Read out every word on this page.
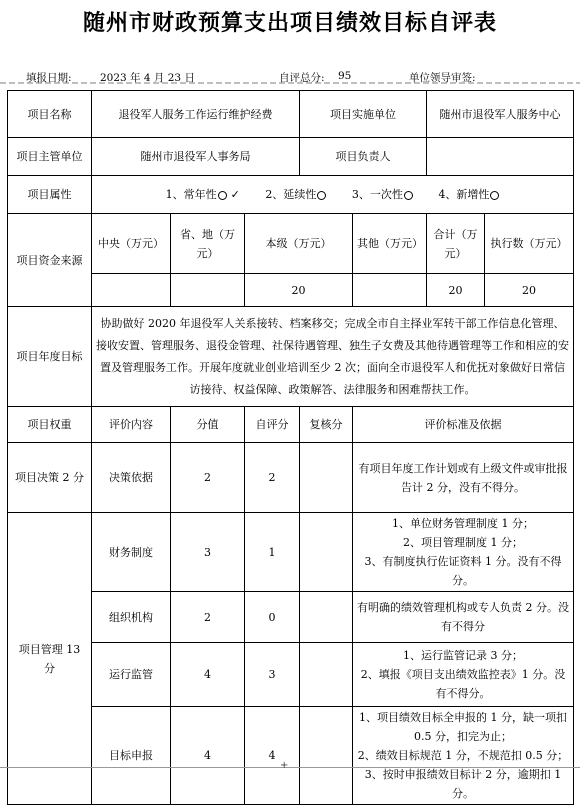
随州市财政预算支出项目绩效目标自评表
填报日期:	2023 年 4 月 23 日	自评总分: 95	单位领导审签:
项目名称	退役军人服务工作运行维护经费			项目实施单位		随州市退役军人服务中心		
项目主管单位	随州市退役军人事务局			项目负责人				
项目属性	1、常年性 ✓ 2、延续性 3、一次性 4、新增性							
项目资金来源	中央（万元）	省、地（万元）	本级（万元）		其他（万元）	合计（万元）	执行数（万元）	
			20			20	20	
项目年度目标	协助做好 2020 年退役军人关系接转、档案移交；完成全市自主择业军转干部工作信息化管理、接收安置、管理服务、退役金管理、社保待遇管理、独生子女费及其他待遇管理等工作和相应的安置及管理服务工作。开展年度就业创业培训至少 2 次；面向全市退役军人和优抚对象做好日常信访接待、权益保障、政策解答、法律服务和困难帮扶工作。							
项目权重	评价内容	分值	自评分	复核分	评价标准及依据			
项目决策 2 分	决策依据	2	2		有项目年度工作计划或有上级文件或审批报告计 2 分，没有不得分。			
项目管理 13 分	财务制度	3	1		1、单位财务管理制度 1 分；
2、项目管理制度 1 分；
3、有制度执行佐证资料 1 分。没有不得分。			
	组织机构	2	0		有明确的绩效管理机构或专人负责 2 分。没有不得分			
	运行监管	4	3		1、运行监管记录 3 分；
2、填报《项目支出绩效监控表》1 分。没有不得分。			
	目标申报	4	4		1、项目绩效目标全申报的 1 分，缺一项扣 0.5 分，扣完为止；
2、绩效目标规范 1 分，不规范扣 0.5 分；
3、按时申报绩效目标计 2 分，逾期扣 1 分。			
+
